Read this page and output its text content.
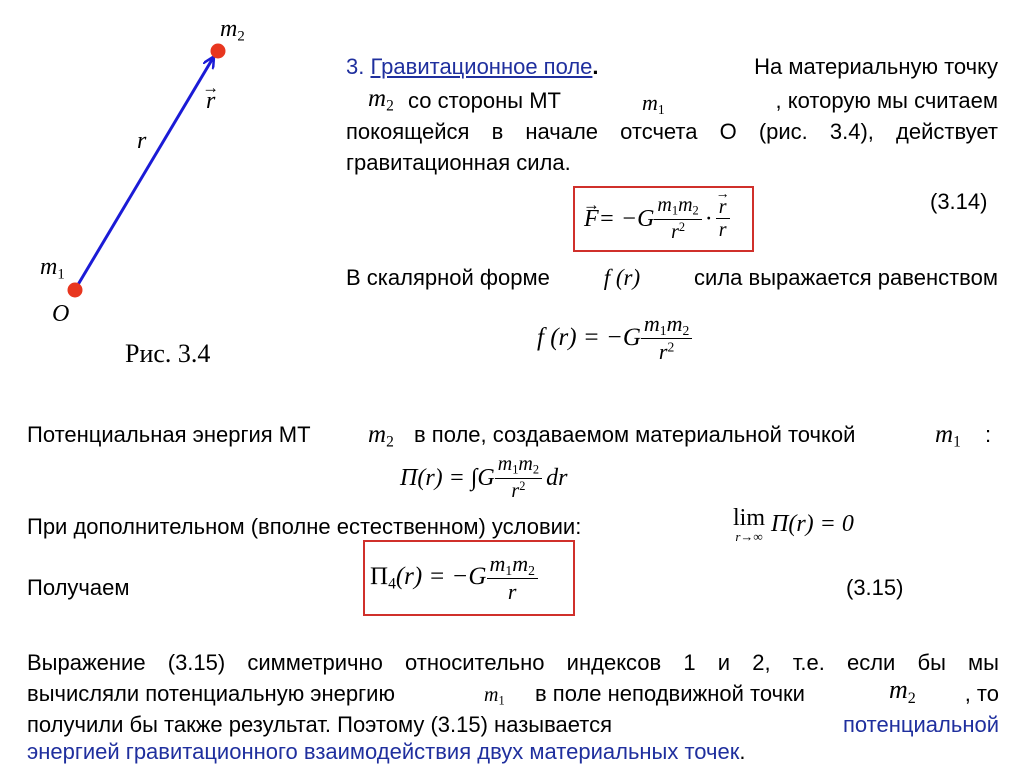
$m_2$
→ r
r
$m_1$
O
Рис. 3.4
3. Гравитационное поле.	На материальную точку
$m_2$ со стороны МТ	$m_1$	, которую мы считаем
покоящейся в начале отсчета О (рис. 3.4), действует
гравитационная сила.
→ $F = -G \frac{m_1m_2}{r^2}$ ·
→ $\frac{r}{r}$	(3.14)
В скалярной форме f (r) сила выражается равенством
f $(r) = -G \frac{m_1m_2}{r^2}$
Потенциальная энергия МТ $m_2$ в поле, создаваемом материальной точкой	$m_1$ :
$\Pi(r) = \int G \frac{m_1m_2}{r^2}$ dr
При дополнительном (вполне естественном) условии:	lim
r→∞ Π(r) = 0
Получаем	$\Pi_4(r) = -G \frac{m_1m_2}{r}$	(3.15)
Выражение (3.15) симметрично относительно индексов 1 и 2, т.е. если бы мы
вычисляли потенциальную энергию	$m_1$ в поле неподвижной точки	$m_2$ , то
получили бы также результат. Поэтому (3.15) называется	потенциальной
энергией гравитационного взаимодействия двух материальных точек.
